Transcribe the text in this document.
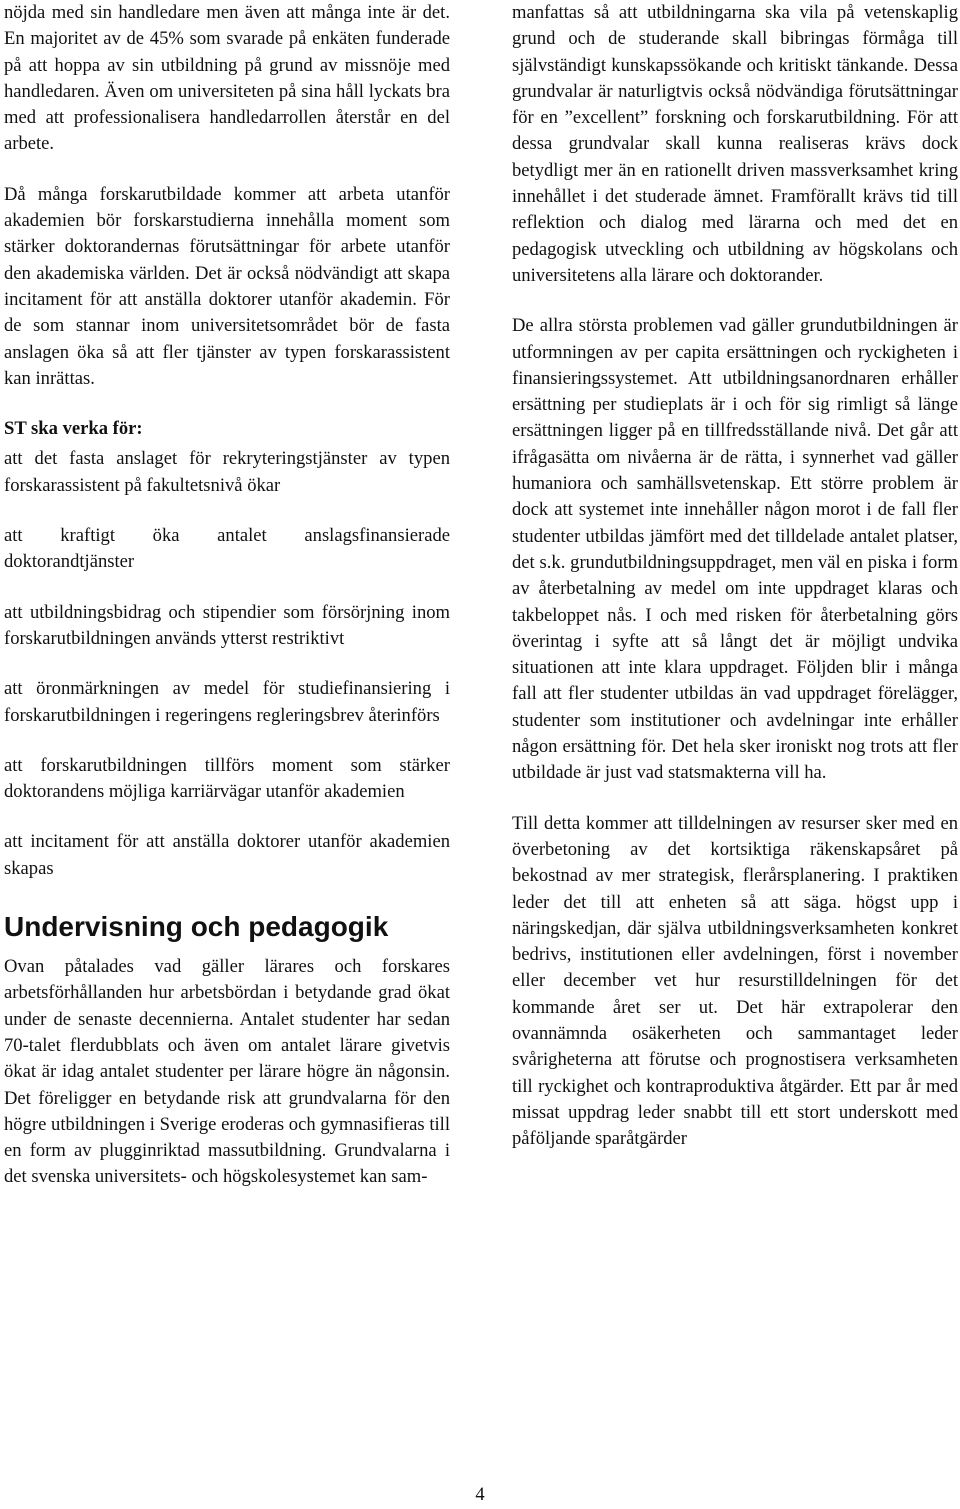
nöjda med sin handledare men även att många inte är det. En majoritet av de 45% som svarade på enkäten funderade på att hoppa av sin utbildning på grund av missnöje med handledaren. Även om universiteten på sina håll lyckats bra med att professionalisera handledarrollen återstår en del arbete.

Då många forskarutbildade kommer att arbeta utanför akademien bör forskarstudierna innehålla moment som stärker doktorandernas förutsättningar för arbete utanför den akademiska världen. Det är också nödvändigt att skapa incitament för att anställa doktorer utanför akademin. För de som stannar inom universitetsområdet bör de fasta anslagen öka så att fler tjänster av typen forskarassistent kan inrättas.

ST ska verka för:

att det fasta anslaget för rekryteringstjänster av typen forskarassistent på fakultetsnivå ökar

att kraftigt öka antalet anslagsfinansierade doktorandtjänster

att utbildningsbidrag och stipendier som försörjning inom forskarutbildningen används ytterst restriktivt

att öronmärkningen av medel för studiefinansiering i forskarutbildningen i regeringens regleringsbrev återinförs

att forskarutbildningen tillförs moment som stärker doktorandens möjliga karriärvägar utanför akademien

att incitament för att anställa doktorer utanför akademien skapas

Undervisning och pedagogik

Ovan påtalades vad gäller lärares och forskares arbetsförhållanden hur arbetsbördan i betydande grad ökat under de senaste decennierna. Antalet studenter har sedan 70-talet flerdubblats och även om antalet lärare givetvis ökat är idag antalet studenter per lärare högre än någonsin. Det föreligger en betydande risk att grundvalarna för den högre utbildningen i Sverige eroderas och gymnasifieras till en form av plugginriktad massutbildning. Grundvalarna i det svenska universitets- och högskolesystemet kan sam-

manfattas så att utbildningarna ska vila på vetenskaplig grund och de studerande skall bibringas förmåga till självständigt kunskapssökande och kritiskt tänkande. Dessa grundvalar är naturligtvis också nödvändiga förutsättningar för en ”excellent” forskning och forskarutbildning. För att dessa grundvalar skall kunna realiseras krävs dock betydligt mer än en rationellt driven massverksamhet kring innehållet i det studerade ämnet. Framförallt krävs tid till reflektion och dialog med lärarna och med det en pedagogisk utveckling och utbildning av högskolans och universitetens alla lärare och doktorander.

De allra största problemen vad gäller grundutbildningen är utformningen av per capita ersättningen och ryckigheten i finansieringssystemet. Att utbildningsanordnaren erhåller ersättning per studieplats är i och för sig rimligt så länge ersättningen ligger på en tillfredsställande nivå. Det går att ifrågasätta om nivåerna är de rätta, i synnerhet vad gäller humaniora och samhällsvetenskap. Ett större problem är dock att systemet inte innehåller någon morot i de fall fler studenter utbildas jämfört med det tilldelade antalet platser, det s.k. grundutbildningsuppdraget, men väl en piska i form av återbetalning av medel om inte uppdraget klaras och takbeloppet nås. I och med risken för återbetalning görs överintag i syfte att så långt det är möjligt undvika situationen att inte klara uppdraget. Följden blir i många fall att fler studenter utbildas än vad uppdraget förelägger, studenter som institutioner och avdelningar inte erhåller någon ersättning för. Det hela sker ironiskt nog trots att fler utbildade är just vad statsmakterna vill ha.

Till detta kommer att tilldelningen av resurser sker med en överbetoning av det kortsiktiga räkenskapsåret på bekostnad av mer strategisk, flerårsplanering. I praktiken leder det till att enheten så att säga. högst upp i näringskedjan, där själva utbildningsverksamheten konkret bedrivs, institutionen eller avdelningen, först i november eller december vet hur resurstilldelningen för det kommande året ser ut. Det här extrapolerar den ovannämnda osäkerheten och sammantaget leder svårigheterna att förutse och prognostisera verksamheten till ryckighet och kontraproduktiva åtgärder. Ett par år med missat uppdrag leder snabbt till ett stort underskott med påföljande sparåtgärder

4
